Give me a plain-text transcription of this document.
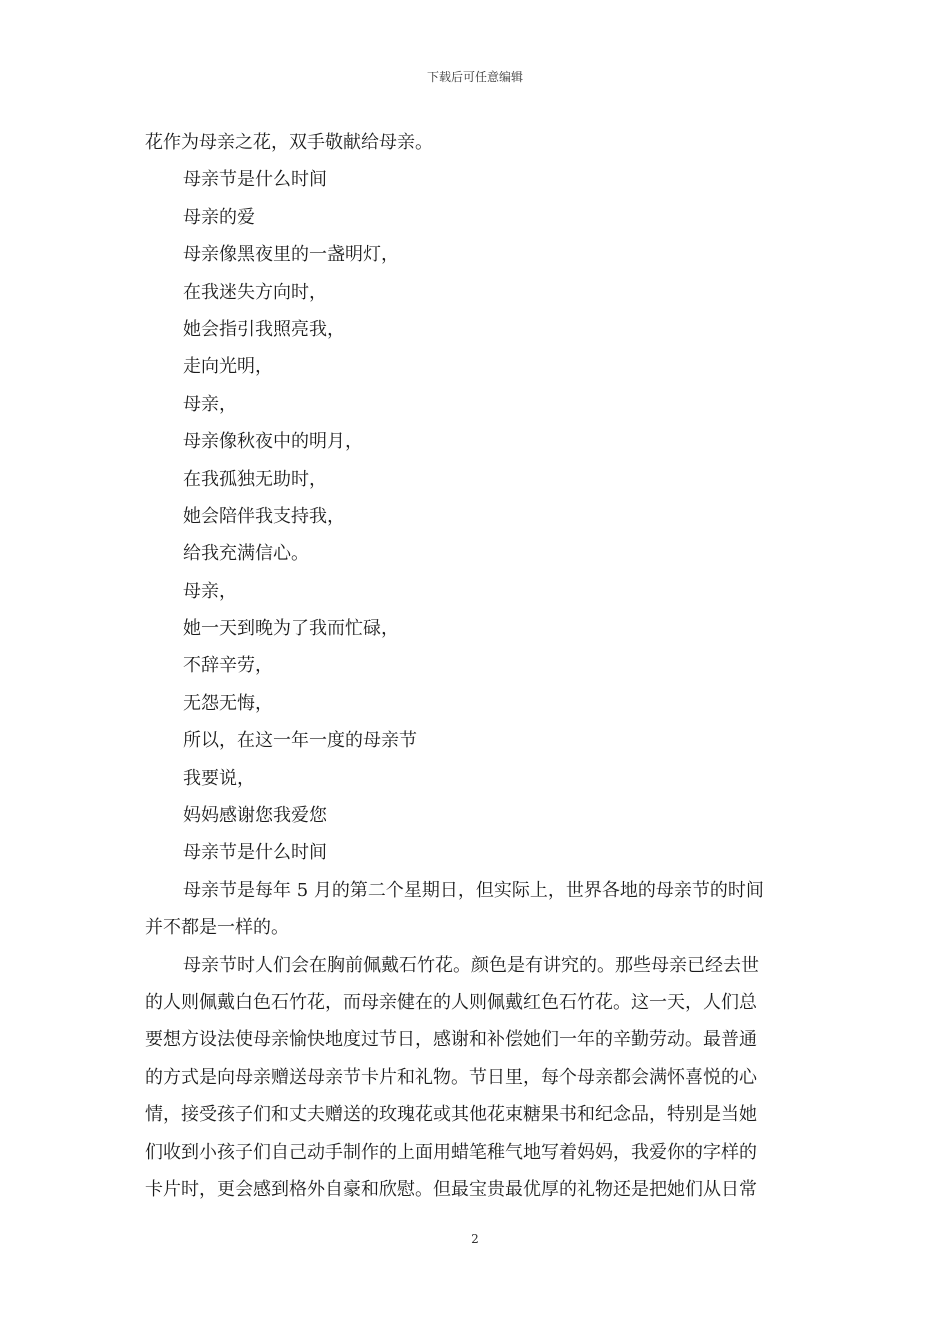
下载后可任意编辑
花作为母亲之花，双手敬献给母亲。
母亲节是什么时间
母亲的爱
母亲像黑夜里的一盏明灯，
在我迷失方向时，
她会指引我照亮我，
走向光明，
母亲，
母亲像秋夜中的明月，
在我孤独无助时，
她会陪伴我支持我，
给我充满信心。
母亲，
她一天到晚为了我而忙碌，
不辞辛劳，
无怨无悔，
所以，在这一年一度的母亲节
我要说，
妈妈感谢您我爱您
母亲节是什么时间
母亲节是每年 5 月的第二个星期日，但实际上，世界各地的母亲节的时间
并不都是一样的。
母亲节时人们会在胸前佩戴石竹花。颜色是有讲究的。那些母亲已经去世
的人则佩戴白色石竹花，而母亲健在的人则佩戴红色石竹花。这一天，人们总
要想方设法使母亲愉快地度过节日，感谢和补偿她们一年的辛勤劳动。最普通
的方式是向母亲赠送母亲节卡片和礼物。节日里，每个母亲都会满怀喜悦的心
情，接受孩子们和丈夫赠送的玫瑰花或其他花束糖果书和纪念品，特别是当她
们收到小孩子们自己动手制作的上面用蜡笔稚气地写着妈妈，我爱你的字样的
卡片时，更会感到格外自豪和欣慰。但最宝贵最优厚的礼物还是把她们从日常
2
